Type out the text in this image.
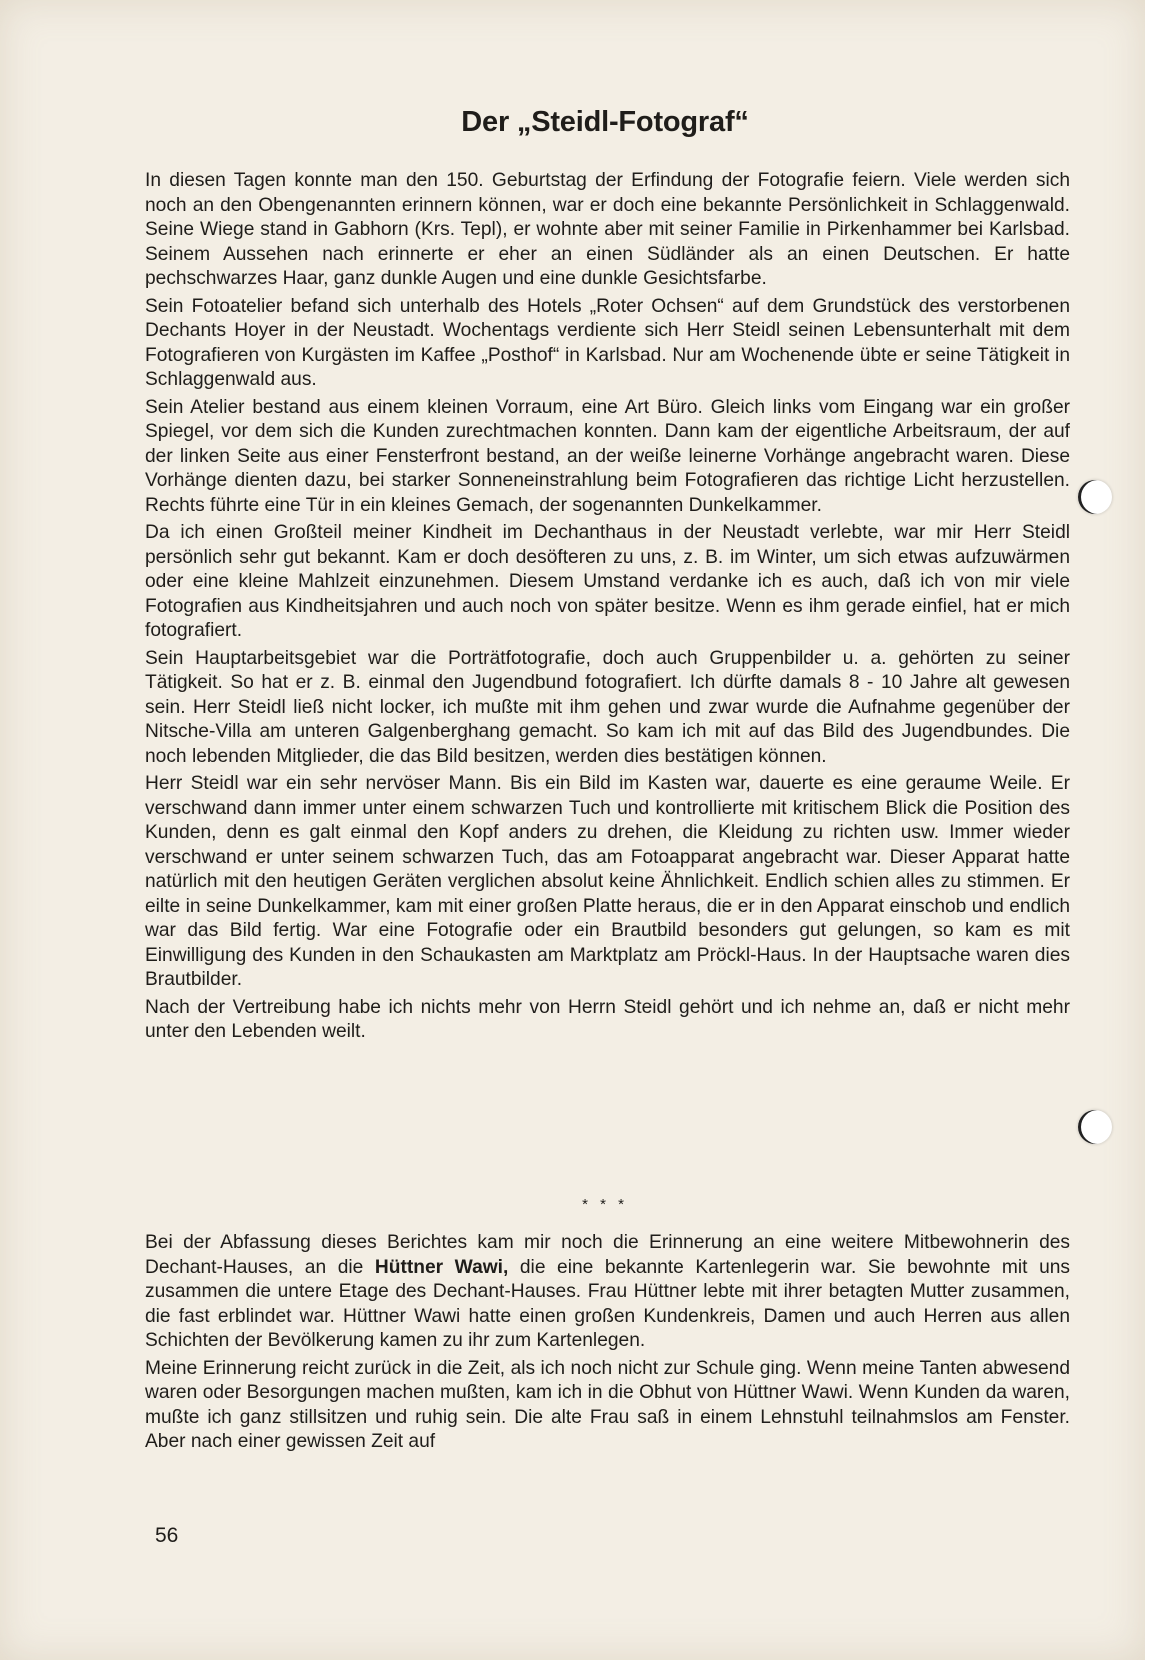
Der „Steidl-Fotograf“

In diesen Tagen konnte man den 150. Geburtstag der Erfindung der Fotografie feiern. Viele werden sich noch an den Obengenannten erinnern können, war er doch eine bekannte Persönlichkeit in Schlaggenwald. Seine Wiege stand in Gabhorn (Krs. Tepl), er wohnte aber mit seiner Familie in Pirkenhammer bei Karlsbad. Seinem Aussehen nach erinnerte er eher an einen Südländer als an einen Deutschen. Er hatte pechschwarzes Haar, ganz dunkle Augen und eine dunkle Gesichtsfarbe.

Sein Fotoatelier befand sich unterhalb des Hotels „Roter Ochsen“ auf dem Grundstück des verstorbenen Dechants Hoyer in der Neustadt. Wochentags verdiente sich Herr Steidl seinen Lebensunterhalt mit dem Fotografieren von Kurgästen im Kaffee „Posthof“ in Karlsbad. Nur am Wochenende übte er seine Tätigkeit in Schlaggenwald aus.

Sein Atelier bestand aus einem kleinen Vorraum, eine Art Büro. Gleich links vom Eingang war ein großer Spiegel, vor dem sich die Kunden zurechtmachen konnten. Dann kam der eigentliche Arbeitsraum, der auf der linken Seite aus einer Fensterfront bestand, an der weiße leinerne Vorhänge angebracht waren. Diese Vorhänge dienten dazu, bei starker Sonneneinstrahlung beim Fotografieren das richtige Licht herzustellen. Rechts führte eine Tür in ein kleines Gemach, der sogenannten Dunkelkammer.

Da ich einen Großteil meiner Kindheit im Dechanthaus in der Neustadt verlebte, war mir Herr Steidl persönlich sehr gut bekannt. Kam er doch desöfteren zu uns, z. B. im Winter, um sich etwas aufzuwärmen oder eine kleine Mahlzeit einzunehmen. Diesem Umstand verdanke ich es auch, daß ich von mir viele Fotografien aus Kindheitsjahren und auch noch von später besitze. Wenn es ihm gerade einfiel, hat er mich fotografiert.

Sein Hauptarbeitsgebiet war die Porträtfotografie, doch auch Gruppenbilder u. a. gehörten zu seiner Tätigkeit. So hat er z. B. einmal den Jugendbund fotografiert. Ich dürfte damals 8 - 10 Jahre alt gewesen sein. Herr Steidl ließ nicht locker, ich mußte mit ihm gehen und zwar wurde die Aufnahme gegenüber der Nitsche-Villa am unteren Galgenberghang gemacht. So kam ich mit auf das Bild des Jugendbundes. Die noch lebenden Mitglieder, die das Bild besitzen, werden dies bestätigen können.

Herr Steidl war ein sehr nervöser Mann. Bis ein Bild im Kasten war, dauerte es eine geraume Weile. Er verschwand dann immer unter einem schwarzen Tuch und kontrollierte mit kritischem Blick die Position des Kunden, denn es galt einmal den Kopf anders zu drehen, die Kleidung zu richten usw. Immer wieder verschwand er unter seinem schwarzen Tuch, das am Fotoapparat angebracht war. Dieser Apparat hatte natürlich mit den heutigen Geräten verglichen absolut keine Ähnlichkeit. Endlich schien alles zu stimmen. Er eilte in seine Dunkelkammer, kam mit einer großen Platte heraus, die er in den Apparat einschob und endlich war das Bild fertig. War eine Fotografie oder ein Brautbild besonders gut gelungen, so kam es mit Einwilligung des Kunden in den Schaukasten am Marktplatz am Pröckl-Haus. In der Hauptsache waren dies Brautbilder.

Nach der Vertreibung habe ich nichts mehr von Herrn Steidl gehört und ich nehme an, daß er nicht mehr unter den Lebenden weilt.

* * *

Bei der Abfassung dieses Berichtes kam mir noch die Erinnerung an eine weitere Mitbewohnerin des Dechant-Hauses, an die Hüttner Wawi, die eine bekannte Kartenlegerin war. Sie bewohnte mit uns zusammen die untere Etage des Dechant-Hauses. Frau Hüttner lebte mit ihrer betagten Mutter zusammen, die fast erblindet war. Hüttner Wawi hatte einen großen Kundenkreis, Damen und auch Herren aus allen Schichten der Bevölkerung kamen zu ihr zum Kartenlegen.

Meine Erinnerung reicht zurück in die Zeit, als ich noch nicht zur Schule ging. Wenn meine Tanten abwesend waren oder Besorgungen machen mußten, kam ich in die Obhut von Hüttner Wawi. Wenn Kunden da waren, mußte ich ganz stillsitzen und ruhig sein. Die alte Frau saß in einem Lehnstuhl teilnahmslos am Fenster. Aber nach einer gewissen Zeit auf

56
